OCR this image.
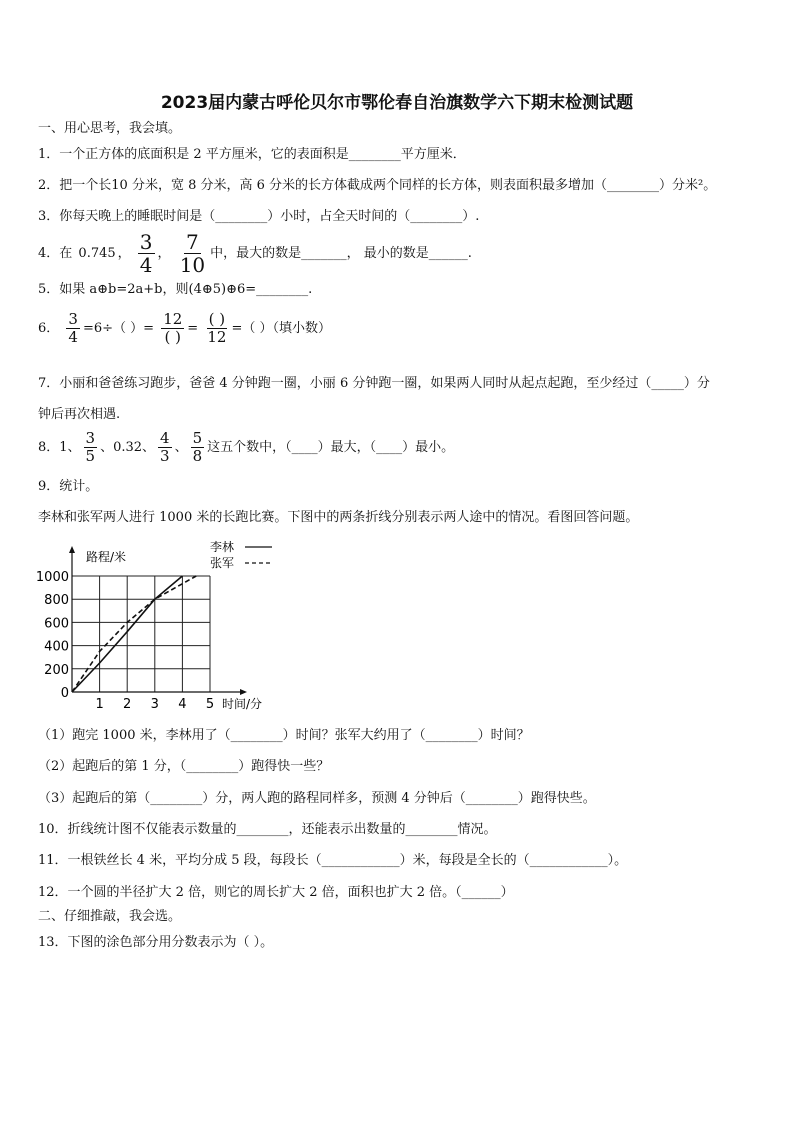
2023届内蒙古呼伦贝尔市鄂伦春自治旗数学六下期末检测试题
一、用心思考，我会填。
1．一个正方体的底面积是 2 平方厘米，它的表面积是________平方厘米．
2．把一个长10 分米，宽 8 分米，高 6 分米的长方体截成两个同样的长方体，则表面积最多增加（________）分米²。
3．你每天晚上的睡眠时间是（________）小时，占全天时间的（________）.
4．在 0.745 ， $\frac{3}{4}$ ， $\frac{7}{10}$ 中，最大的数是_______， 最小的数是______.
5．如果 a⊕b=2a+b，则(4⊕5)⊕6=________.
6． $\frac{3}{4} =6\div$（ ）= $\frac{12}{( )} = \frac{( )}{12}$ =（ ）（填小数）
7．小丽和爸爸练习跑步，爸爸 4 分钟跑一圈，小丽 6 分钟跑一圈，如果两人同时从起点起跑，至少经过（_____）分
钟后再次相遇.
8．1、 $\frac{3}{5}$ 、0.32、 $\frac{4}{3}$ 、 $\frac{5}{8}$ 这五个数中，（____）最大，（____）最小。
9．统计。
李林和张军两人进行 1000 米的长跑比赛。下图中的两条折线分别表示两人途中的情况。看图回答问题。
1000
800
600
400
200
0
1 2 3 4 5
路程/米
时间/分
李林
张军
（1）跑完 1000 米，李林用了（________）时间？张军大约用了（________）时间？
（2）起跑后的第 1 分，（________）跑得快一些？
（3）起跑后的第（________）分，两人跑的路程同样多，预测 4 分钟后（________）跑得快些。
10．折线统计图不仅能表示数量的________，还能表示出数量的________情况。
11．一根铁丝长 4 米，平均分成 5 段，每段长（____________）米，每段是全长的（____________）。
12．一个圆的半径扩大 2 倍，则它的周长扩大 2 倍，面积也扩大 2 倍。（______）
二、仔细推敲，我会选。
13．下图的涂色部分用分数表示为（ ）。
